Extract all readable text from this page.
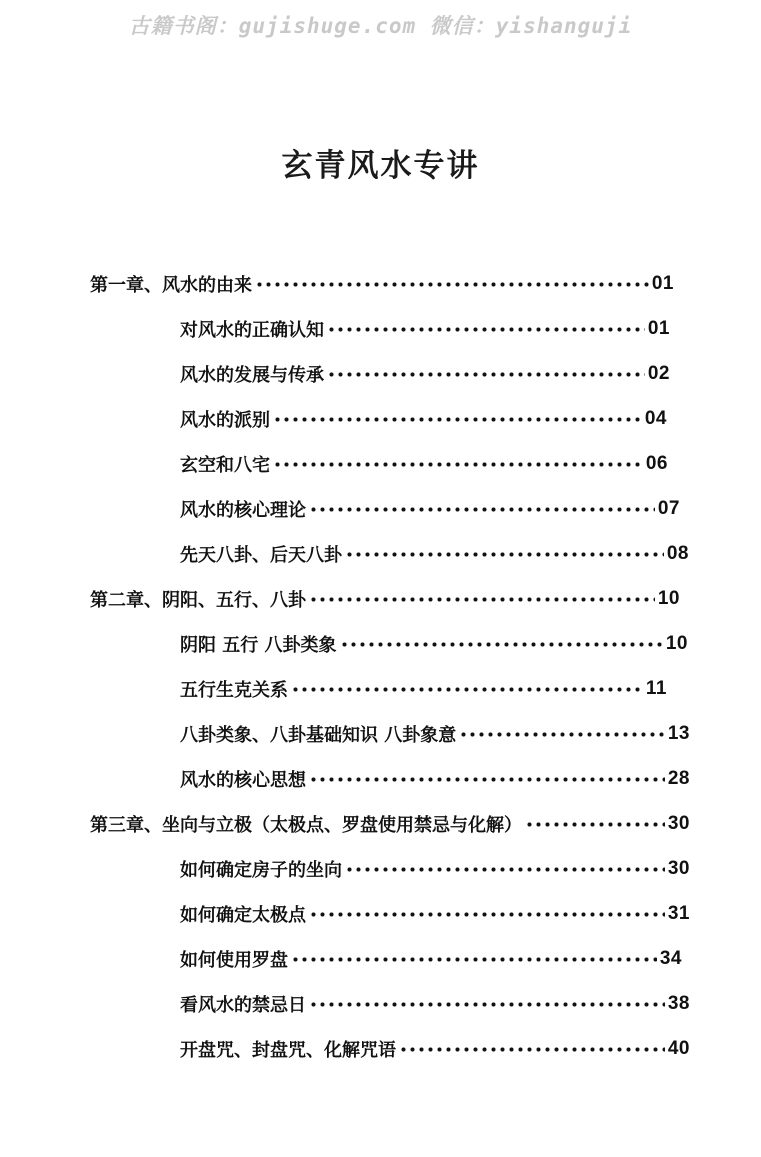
古籍书阁：gujishuge.com 微信：yishanguji
玄青风水专讲
第一章、风水的由来	01
对风水的正确认知	01
风水的发展与传承	02
风水的派别	04
玄空和八宅	06
风水的核心理论	07
先天八卦、后天八卦	08
第二章、阴阳、五行、八卦	10
阴阳 五行 八卦类象	10
五行生克关系	11
八卦类象、八卦基础知识 八卦象意	13
风水的核心思想	28
第三章、坐向与立极（太极点、罗盘使用禁忌与化解）	30
如何确定房子的坐向	30
如何确定太极点	31
如何使用罗盘	34
看风水的禁忌日	38
开盘咒、封盘咒、化解咒语	40
